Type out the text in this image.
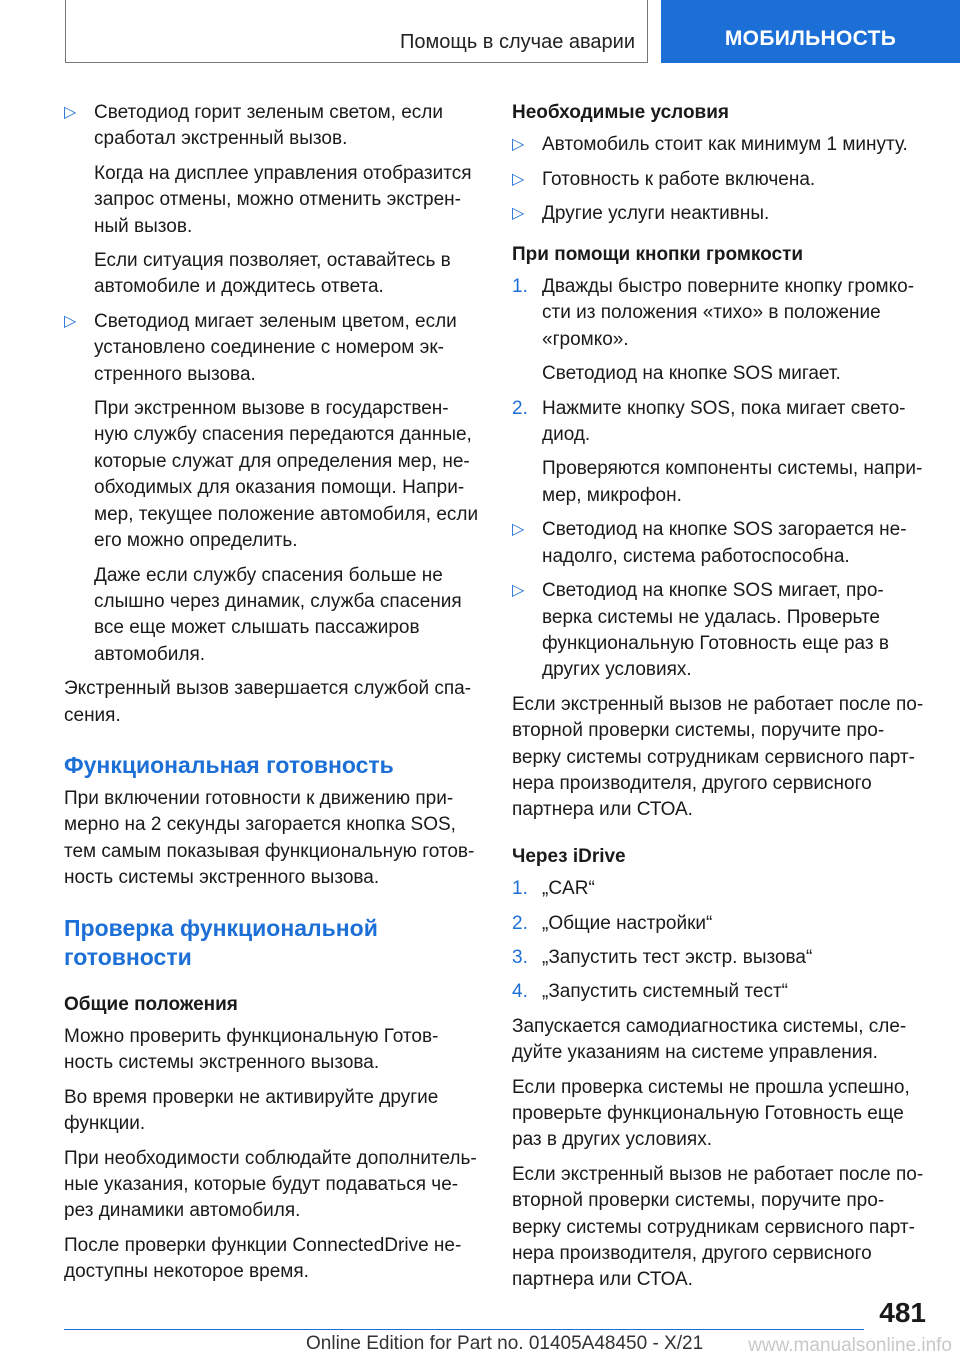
Помощь в случае аварии	МОБИЛЬНОСТЬ
▷ Светодиод горит зеленым светом, если сработал экстренный вызов.

Когда на дисплее управления отобразится запрос отмены, можно отменить экстрен-ный вызов.

Если ситуация позволяет, оставайтесь в автомобиле и дождитесь ответа.

▷ Светодиод мигает зеленым цветом, если установлено соединение с номером эк-стренного вызова.

При экстренном вызове в государствен-ную службу спасения передаются данные, которые служат для определения мер, не-обходимых для оказания помощи. Напри-мер, текущее положение автомобиля, если его можно определить.

Даже если службу спасения больше не слышно через динамик, служба спасения все еще может слышать пассажиров автомобиля.

Экстренный вызов завершается службой спа-сения.

Функциональная готовность

При включении готовности к движению при-мерно на 2 секунды загорается кнопка SOS, тем самым показывая функциональную готов-ность системы экстренного вызова.

Проверка функциональной готовности
Общие положения

Можно проверить функциональную Готов-ность системы экстренного вызова.

Во время проверки не активируйте другие функции.

При необходимости соблюдайте дополнитель-ные указания, которые будут подаваться че-рез динамики автомобиля.

После проверки функции ConnectedDrive не-доступны некоторое время.

Необходимые условия
▷ Автомобиль стоит как минимум 1 минуту.

▷ Готовность к работе включена.

▷ Другие услуги неактивны.

При помощи кнопки громкости
1. Дважды быстро поверните кнопку громко-сти из положения «тихо» в положение «громко».

Светодиод на кнопке SOS мигает.

2. Нажмите кнопку SOS, пока мигает свето-диод.

Проверяются компоненты системы, напри-мер, микрофон.

▷ Светодиод на кнопке SOS загорается не-надолго, система работоспособна.

▷ Светодиод на кнопке SOS мигает, про-верка системы не удалась. Проверьте функциональную Готовность еще раз в других условиях.

Если экстренный вызов не работает после по-вторной проверки системы, поручите про-верку системы сотрудникам сервисного парт-нера производителя, другого сервисного партнера или СТОА.

Через iDrive
1. „CAR“

2. „Общие настройки“

3. „Запустить тест экстр. вызова“

4. „Запустить системный тест“

Запускается самодиагностика системы, сле-дуйте указаниям на системе управления.

Если проверка системы не прошла успешно, проверьте функциональную Готовность еще раз в других условиях.

Если экстренный вызов не работает после по-вторной проверки системы, поручите про-верку системы сотрудникам сервисного парт-нера производителя, другого сервисного партнера или СТОА.

481
Online Edition for Part no. 01405A48450 - X/21 www.manualsonline.info
